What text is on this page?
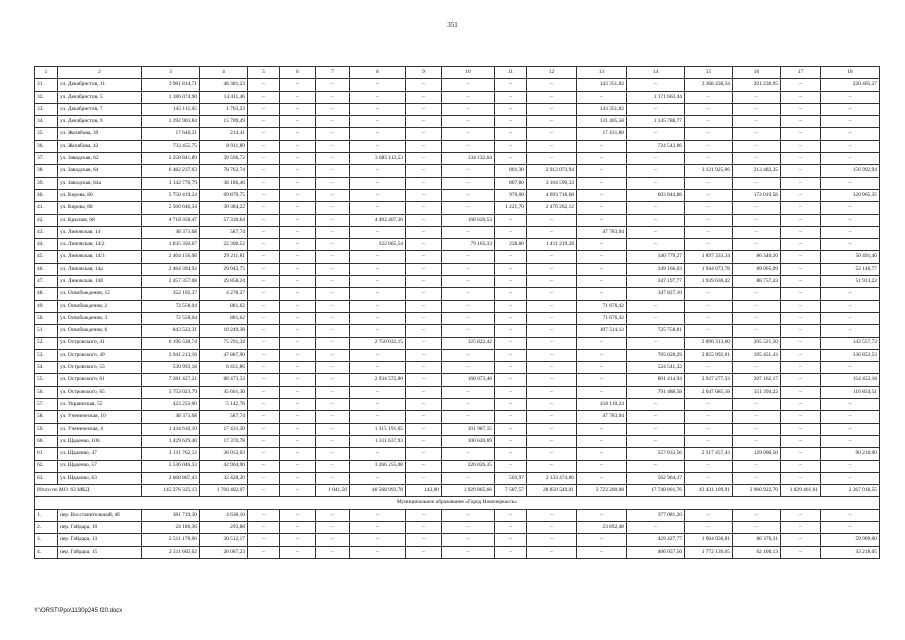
351
1	2	3	4	5	6	7	8	9	10	11	12	13	14	15	16	17	18
31.	ул. Декабристов, 11	3 981 814,71	48 381,23	–	–	–	–	–	–	–	–	143 351,82	–	3 368 438,34	201 238,05	–	220 405,27
32.	ул. Декабристов, 5	1 186 074,90	14 411,46	–	–	–	–	–	–	–	–	–	1 171 663,44	–	–	–	–
33.	ул. Декабристов, 7	145 115,05	1 763,23	–	–	–	–	–	–	–	–	143 351,82	–	–	–	–	–
34.	ул. Декабристов, 9	1 292 903,84	15 709,49	–	–	–	–	–	–	–	–	131 405,58	1 145 788,77	–	–	–	–
35.	ул. Желябова, 39	17 646,21	214,41	–	–	–	–	–	–	–	–	17 431,80	–	–	–	–	–
36.	ул. Желябова, 42	733 455,75	8 911,89	–	–	–	–	–	–	–	–	–	724 543,86	–	–	–	–
37.	ул. Заводская, 62	3 258 841,89	39 596,72	–	–	–	3 085 112,53	–	134 132,64	–	–	–	–	–	–	–	–
38.	ул. Заводская, 64	6 482 237,63	78 762,74	–	–	–	–	–	–	801,30	2 912 073,94	–	–	3 121 925,66	212 482,35	–	156 992,94
39.	ул. Заводская, 64а	3 142 776,79	38 186,46	–	–	–	–	–	–	807,80	3 104 590,33	–	–	–	–	–	–
40.	ул. Кирова, 80	5 750 419,24	69 870,75	–	–	–	–	–	–	970,00	4 693 718,68	–	693 844,88	–	172 019,58	–	120 965,35
41.	ул. Кирова, 88	2 500 646,34	30 384,22	–	–	–	–	–	–	1 221,70	2 470 262,12	–	–	–	–	–	–
42.	ул. Красная, 68	4 718 358,47	57 330,64	–	–	–	4 492 407,30	–	168 620,53	–	–	–	–	–	–	–	–
43.	ул. Линовская, 14	48 371,68	587,74	–	–	–	–	–	–	–	–	47 783,94	–	–	–	–	–
44.	ул. Линовская, 14/2	1 835 350,67	22 300,52	–	–	–	322 665,54	–	79 165,33	228,80	1 411 219,28	–	–	–	–	–	–
45.	ул. Линовская, 14/3	2 404 156,08	29 211,81	–	–	–	–	–	–	–	–	–	340 779,27	1 897 333,34	86 340,20	–	50 491,46
46.	ул. Линовская, 14а	2 464 394,92	29 943,75	–	–	–	–	–	–	–	–	–	349 166,03	1 944 073,78	89 065,09	–	52 146,77
47.	ул. Линовская, 14б	2 457 357,08	29 858,24	–	–	–	–	–	–	–	–	–	347 197,77	1 939 630,42	88 757,43	–	51 913,22
48.	ул. Освобождения, 12	352 105,37	4 278,27	–	–	–	–	–	–	–	–	–	347 827,10	–	–	–	–
49.	ул. Освобождения, 2	72 558,04	881,62	–	–	–	–	–	–	–	–	71 676,42	–	–	–	–	–
50.	ул. Освобождения, 3	72 558,04	881,62	–	–	–	–	–	–	–	–	71 676,42	–	–	–	–	–
51.	ул. Освобождения, 6	843 522,31	10 249,38	–	–	–	–	–	–	–	–	107 514,12	725 758,81	–	–	–	–
52.	ул. Островского, 41	6 196 538,74	75 291,34	–	–	–	2 750 032,15	–	125 822,42	–	–	–	–	2 896 313,60	205 521,50	–	143 557,73
53.	ул. Островского, 49	3 941 213,16	47 887,90	–	–	–	–	–	–	–	–	–	705 028,29	2 855 992,01	195 451,43	–	136 853,53
54.	ул. Островского, 53	530 993,18	6 451,86	–	–	–	–	–	–	–	–	–	524 541,32	–	–	–	–
55.	ул. Островского, 61	7 281 427,21	88 473,33	–	–	–	2 934 572,80	–	168 073,46	–	–	–	801 414,94	2 927 277,33	207 162,17	–	154 453,18
56.	ул. Островского, 65	3 753 023,79	45 601,30	–	–	–	–	–	–	–	–	–	791 488,58	2 647 685,18	151 394,22	–	116 854,51
57.	ул. Украинская, 55	423 253,00	5 142,76	–	–	–	–	–	–	–	–	418 110,24	–	–	–	–	–
58.	ул. Ученическая, 10	48 371,68	587,74	–	–	–	–	–	–	–	–	47 783,94	–	–	–	–	–
59.	ул. Ученическая, 4	1 434 610,10	17 431,30	–	–	–	1 315 191,65	–	101 987,15	–	–	–	–	–	–	–	–
60.	ул. Щаденко, 106	1 429 629,40	17 370,78	–	–	–	1 311 637,93	–	100 620,69	–	–	–	–	–	–	–	–
61.	ул. Щаденко, 47	3 131 762,12	38 052,63	–	–	–	–	–	–	–	–	–	557 033,56	2 317 457,43	129 008,50	–	90 210,00
62.	ул. Щаденко, 57	3 536 046,33	42 964,90	–	–	–	3 266 255,08	–	226 826,35	–	–	–	–	–	–	–	–
63.	ул. Щаденко, 63	2 668 867,43	32 428,20	–	–	–	–	–	–	503,97	2 133 474,86	–	502 964,37	–	–	–	–
Итого по МО: 63 МКД		145 376 325,13	1 766 402,07	–	–	1 041,50	40 568 993,78	142,00	1 929 865,66	7 587,57	28 850 549,01	2 723 200,08	17 748 801,76	43 431 109,91	2 960 922,70	1 029 461,61	2 367 018,55
Муниципальное образование «Город Новочеркасск»																	
1.	пер. Восстанительный, 4б	381 719,30	4 638,10	–	–	–	–	–	–	–	–	–	377 081,20	–	–	–	–
2.	пер. Гайдара, 10	24 186,36	293,88	–	–	–	–	–	–	–	–	23 892,48	–	–	–	–	–
3.	пер. Гайдара, 13	2 511 176,06	30 512,17	–	–	–	–	–	–	–	–	–	429 427,77	1 904 950,81	86 376,31	–	59 909,00
4.	пер. Гайдара, 15	2 311 602,02	28 087,23	–	–	–	–	–	–	–	–	–	406 057,56	1 772 139,05	62 100,13	–	43 218,05
Y:\ORST\Ppo\1130p245 f20.docx
